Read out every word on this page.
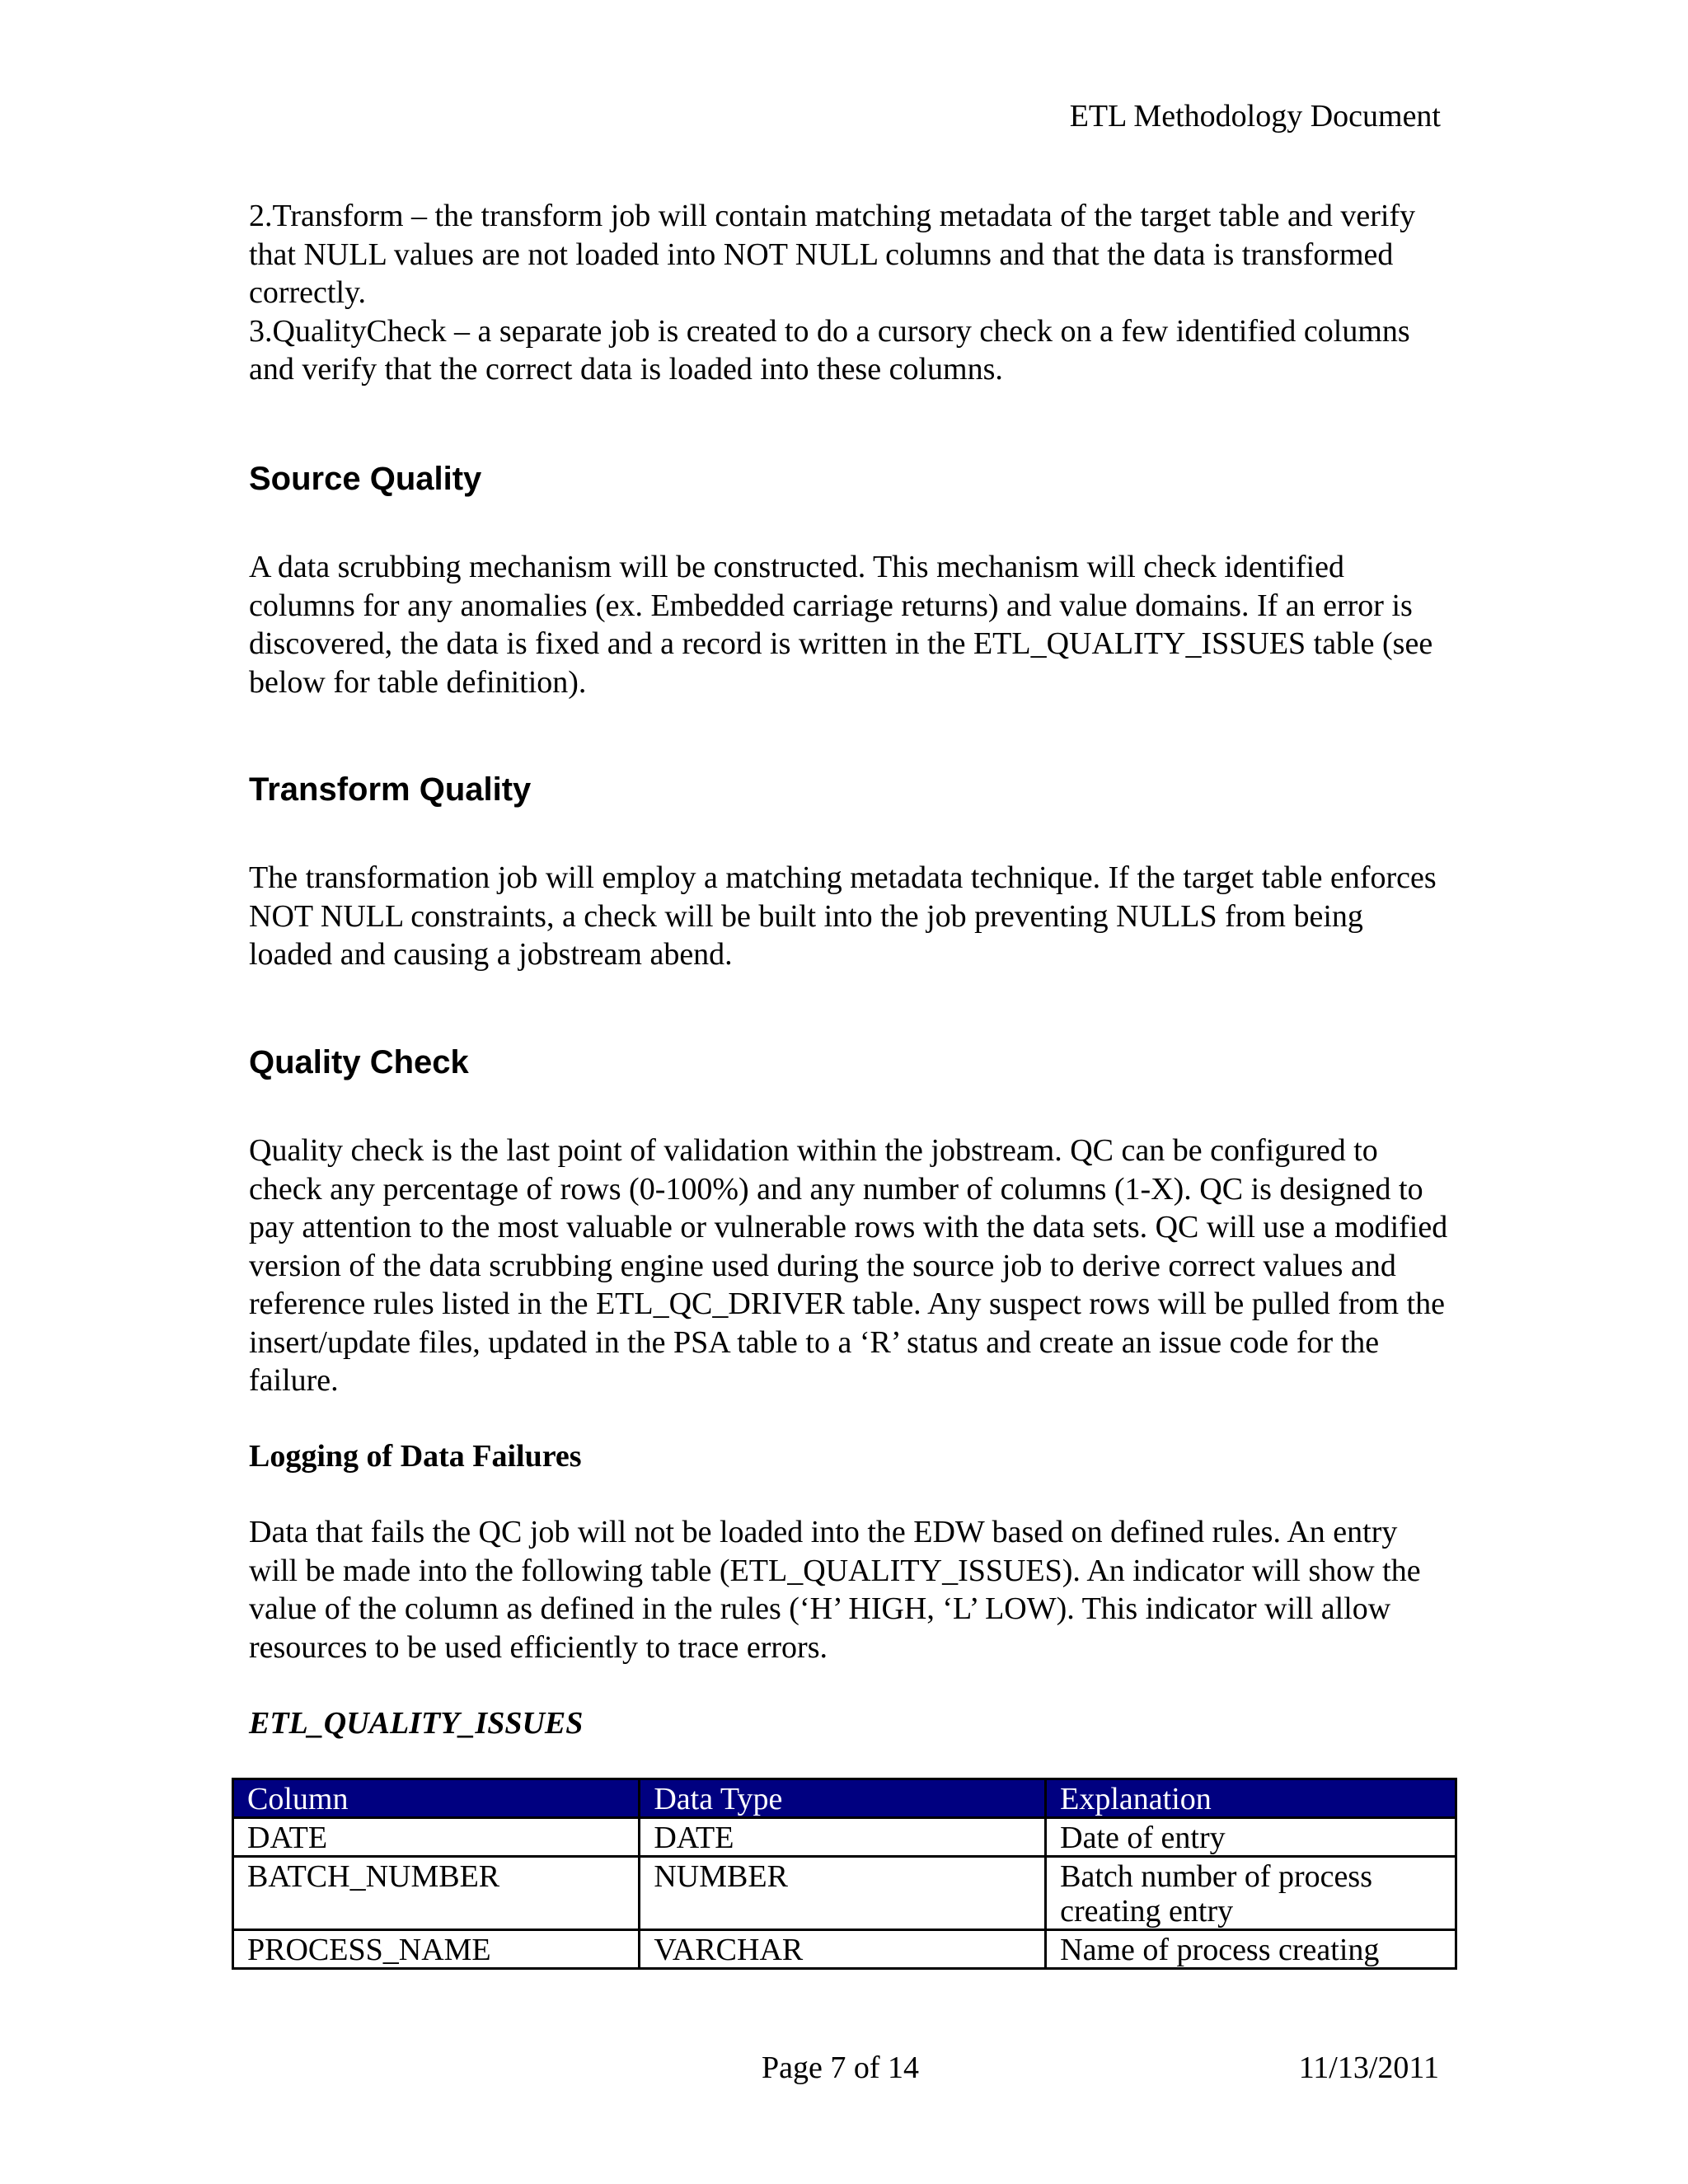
ETL Methodology Document

2.Transform – the transform job will contain matching metadata of the target table and verify that NULL values are not loaded into NOT NULL columns and that the data is transformed correctly.

3.QualityCheck – a separate job is created to do a cursory check on a few identified columns and verify that the correct data is loaded into these columns.

Source Quality

A data scrubbing mechanism will be constructed. This mechanism will check identified columns for any anomalies (ex. Embedded carriage returns) and value domains. If an error is discovered, the data is fixed and a record is written in the ETL_QUALITY_ISSUES table (see below for table definition).

Transform Quality

The transformation job will employ a matching metadata technique. If the target table enforces NOT NULL constraints, a check will be built into the job preventing NULLS from being loaded and causing a jobstream abend.

Quality Check

Quality check is the last point of validation within the jobstream. QC can be configured to check any percentage of rows (0-100%) and any number of columns (1-X). QC is designed to pay attention to the most valuable or vulnerable rows with the data sets. QC will use a modified version of the data scrubbing engine used during the source job to derive correct values and reference rules listed in the ETL_QC_DRIVER table. Any suspect rows will be pulled from the insert/update files, updated in the PSA table to a ‘R’ status and create an issue code for the failure.

Logging of Data Failures

Data that fails the QC job will not be loaded into the EDW based on defined rules. An entry will be made into the following table (ETL_QUALITY_ISSUES). An indicator will show the value of the column as defined in the rules (‘H’ HIGH, ‘L’ LOW). This indicator will allow resources to be used efficiently to trace errors.

ETL_QUALITY_ISSUES
Column	Data Type	Explanation
DATE	DATE	Date of entry
BATCH_NUMBER	NUMBER	Batch number of process creating entry
PROCESS_NAME	VARCHAR	Name of process creating
Page 7 of 14	11/13/2011
